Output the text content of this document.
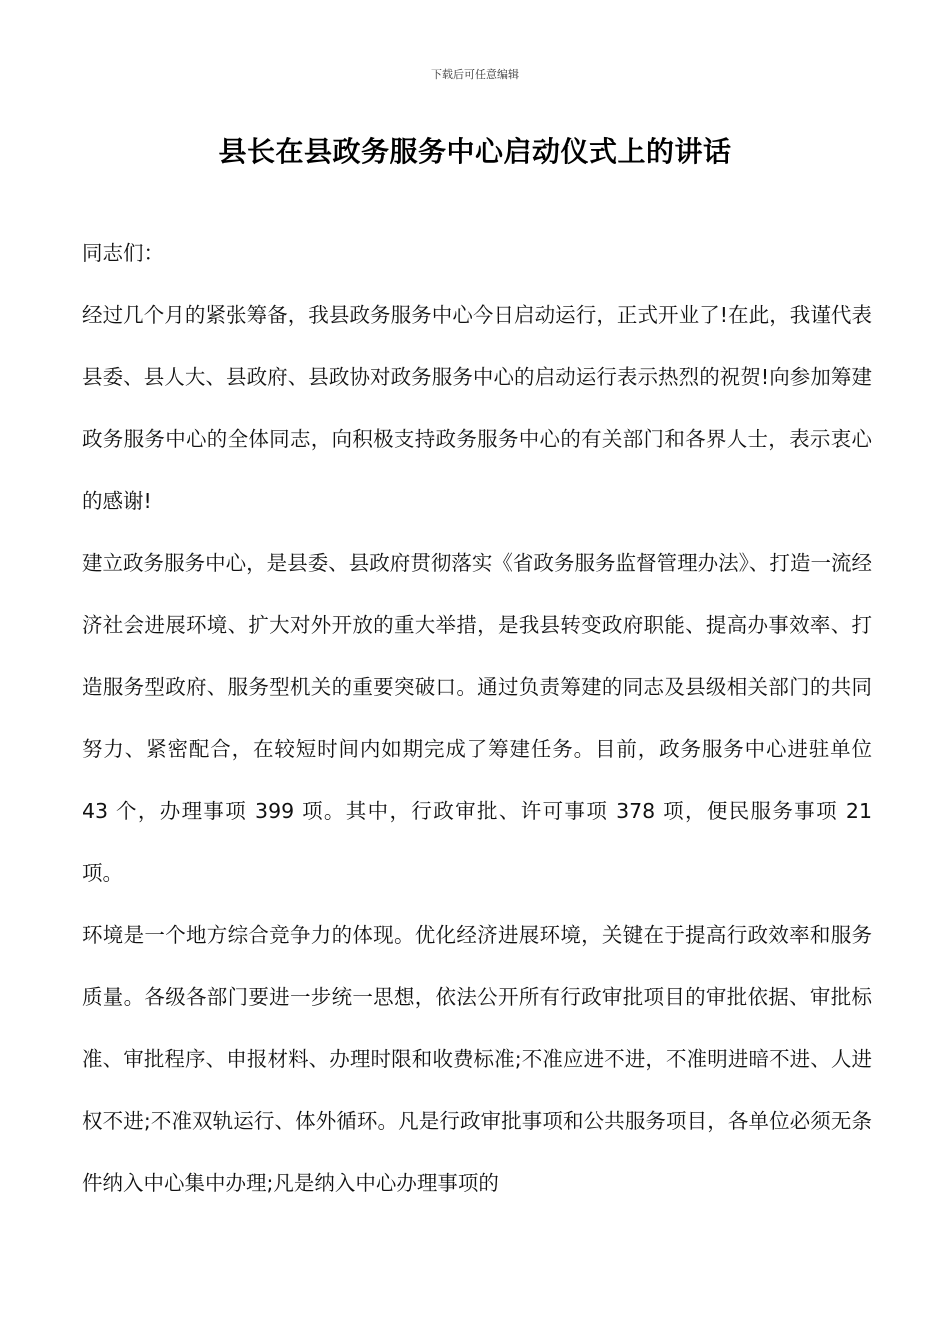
下载后可任意编辑
县长在县政务服务中心启动仪式上的讲话

同志们：

经过几个月的紧张筹备，我县政务服务中心今日启动运行，正式开业了!在此，我谨代表县委、县人大、县政府、县政协对政务服务中心的启动运行表示热烈的祝贺!向参加筹建政务服务中心的全体同志，向积极支持政务服务中心的有关部门和各界人士，表示衷心的感谢!

建立政务服务中心，是县委、县政府贯彻落实《省政务服务监督管理办法》、打造一流经济社会进展环境、扩大对外开放的重大举措，是我县转变政府职能、提高办事效率、打造服务型政府、服务型机关的重要突破口。通过负责筹建的同志及县级相关部门的共同努力、紧密配合，在较短时间内如期完成了筹建任务。目前，政务服务中心进驻单位 43 个，办理事项 399 项。其中，行政审批、许可事项 378 项，便民服务事项 21 项。

环境是一个地方综合竞争力的体现。优化经济进展环境，关键在于提高行政效率和服务质量。各级各部门要进一步统一思想，依法公开所有行政审批项目的审批依据、审批标准、审批程序、申报材料、办理时限和收费标准;不准应进不进，不准明进暗不进、人进权不进;不准双轨运行、体外循环。凡是行政审批事项和公共服务项目，各单位必须无条件纳入中心集中办理;凡是纳入中心办理事项的
